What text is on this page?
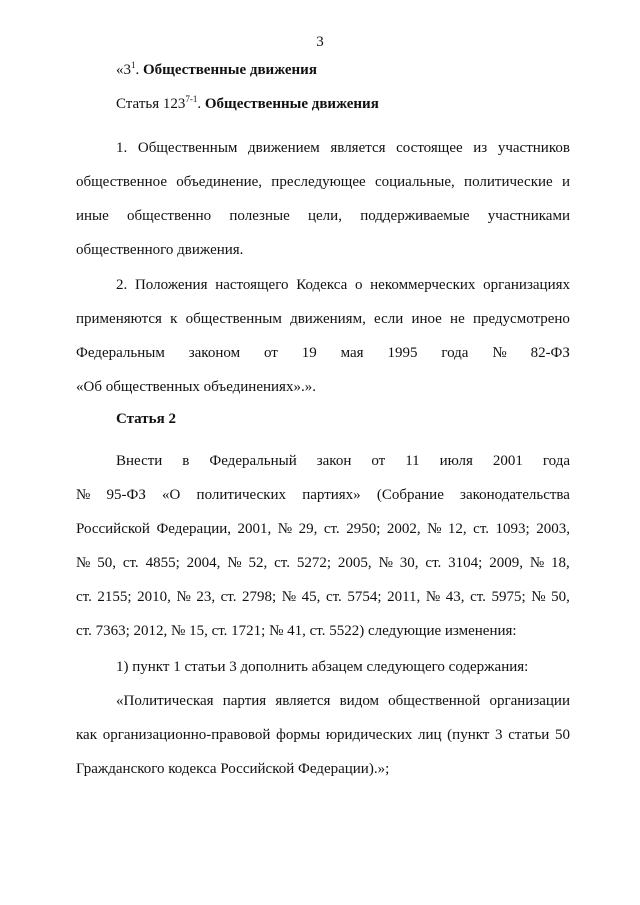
3
«$3^1$. Общественные движения
Статья 123$^{7-1}$. Общественные движения
1. Общественным движением является состоящее из участников
общественное объединение, преследующее социальные, политические и
иные общественно полезные цели, поддерживаемые участниками
общественного движения.
2. Положения настоящего Кодекса о некоммерческих организациях
применяются к общественным движениям, если иное не предусмотрено
Федеральным законом от 19 мая 1995 года № 82-ФЗ
«Об общественных объединениях».».
Статья 2
Внести в Федеральный закон от 11 июля 2001 года
№ 95-ФЗ «О политических партиях» (Собрание законодательства
Российской Федерации, 2001, № 29, ст. 2950; 2002, № 12, ст. 1093; 2003,
№ 50, ст. 4855; 2004, № 52, ст. 5272; 2005, № 30, ст. 3104; 2009, № 18,
ст. 2155; 2010, № 23, ст. 2798; № 45, ст. 5754; 2011, № 43, ст. 5975; № 50,
ст. 7363; 2012, № 15, ст. 1721; № 41, ст. 5522) следующие изменения:
1) пункт 1 статьи 3 дополнить абзацем следующего содержания:
«Политическая партия является видом общественной организации
как организационно-правовой формы юридических лиц (пункт 3 статьи 50
Гражданского кодекса Российской Федерации).»;
